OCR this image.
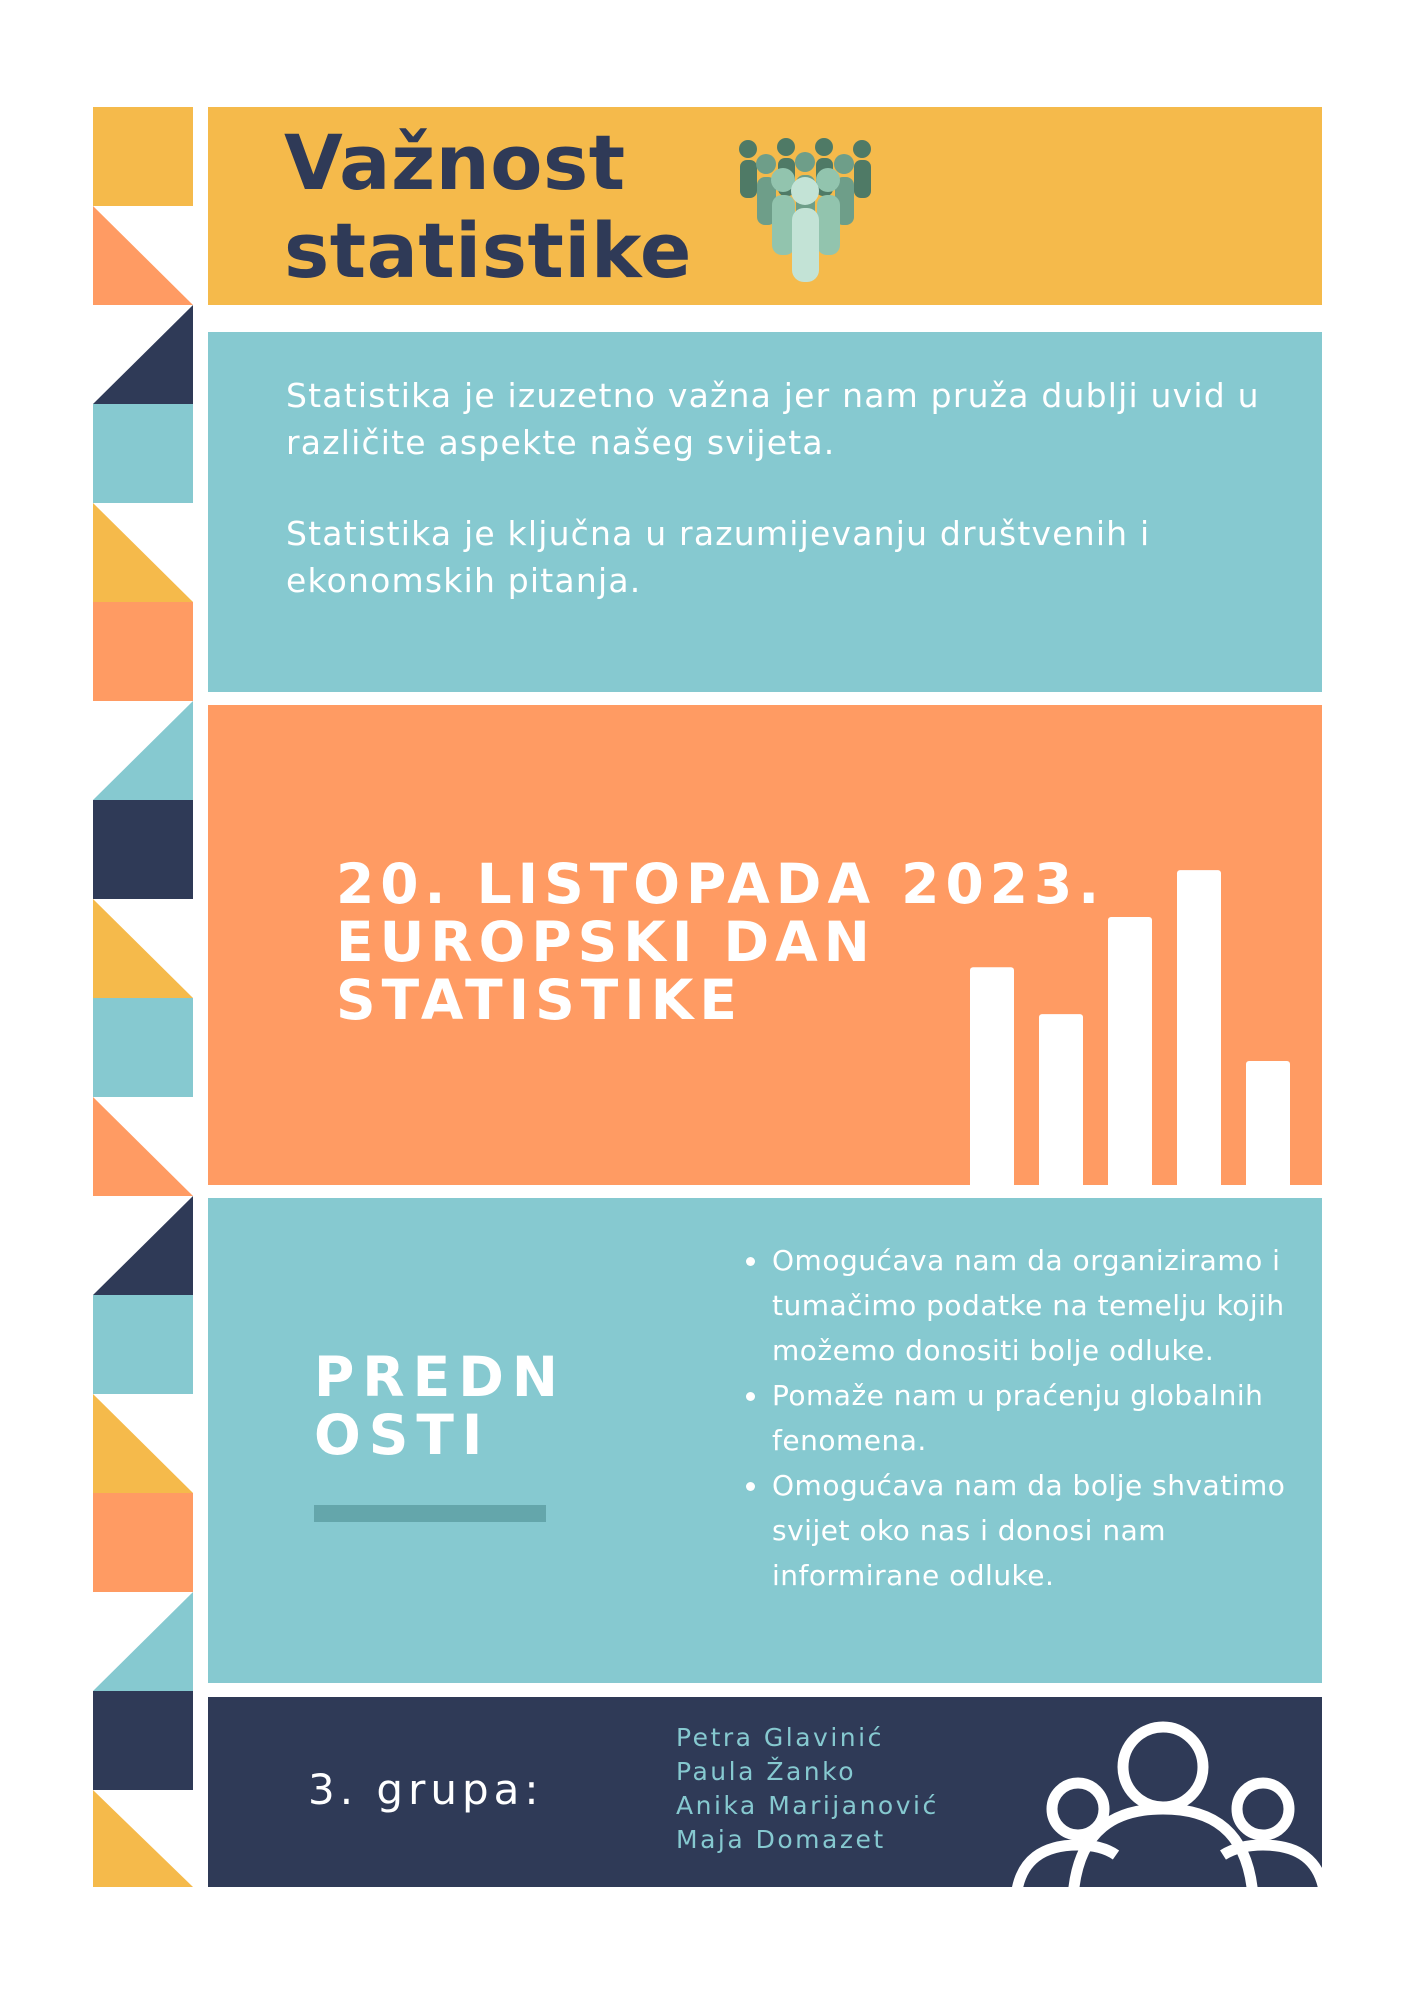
Važnost
statistike

Statistika je izuzetno važna jer nam pruža dublji uvid u različite aspekte našeg svijeta.

Statistika je ključna u razumijevanju društvenih i ekonomskih pitanja.

20. LISTOPADA 2023.
EUROPSKI DAN
STATISTIKE
PREDNOSTI
• Omogućava nam da organiziramo i tumačimo podatke na temelju kojih možemo donositi bolje odluke.
• Pomaže nam u praćenju globalnih fenomena.
• Omogućava nam da bolje shvatimo svijet oko nas i donosi nam informirane odluke.

3. grupa:

Petra Glavinić
Paula Žanko
Anika Marijanović
Maja Domazet
